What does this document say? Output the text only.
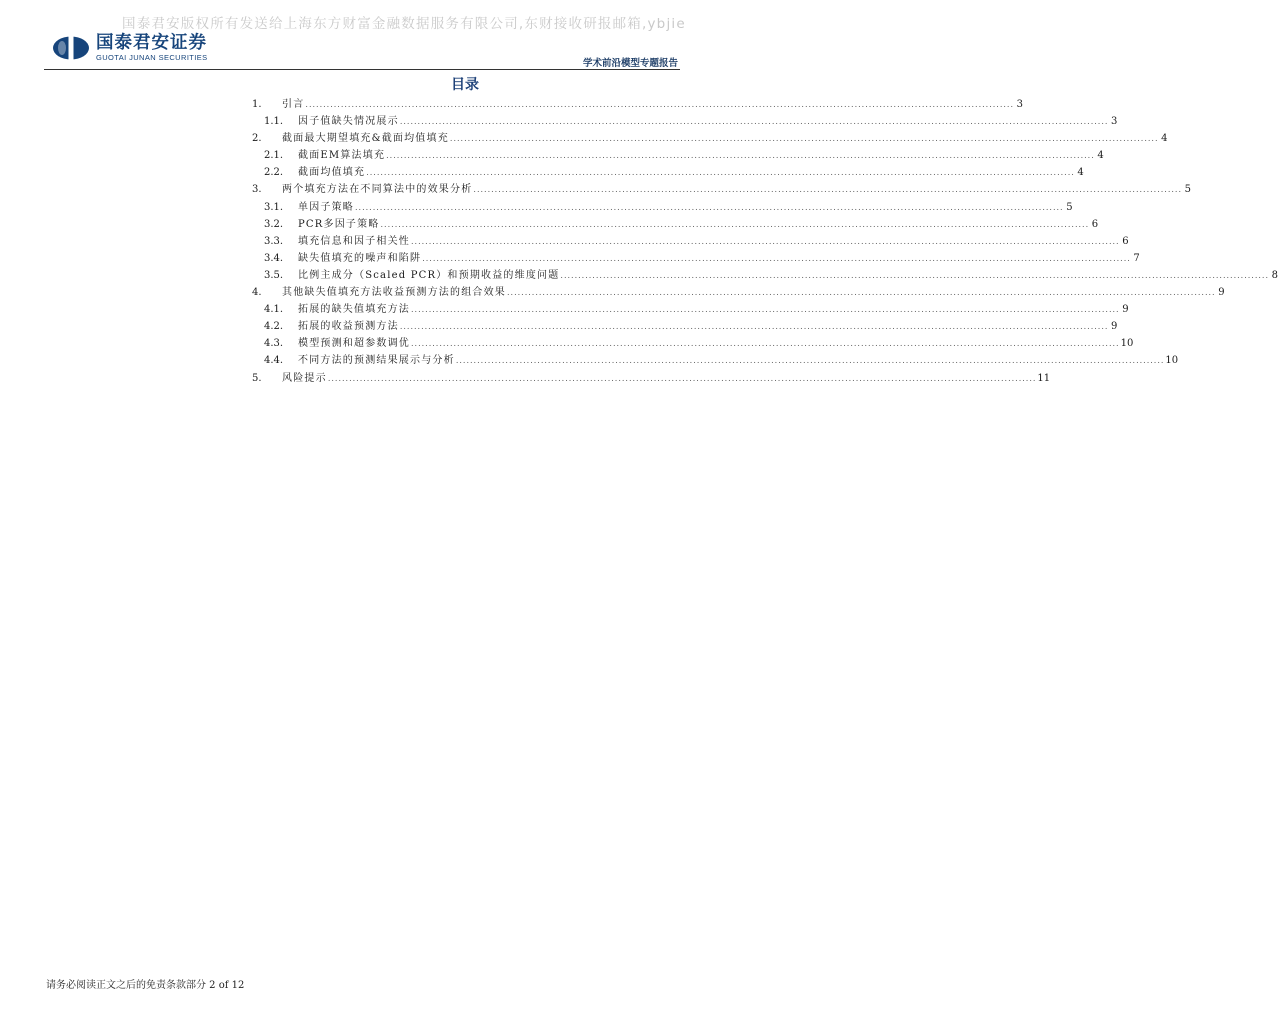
国泰君安版权所有发送给上海东方财富金融数据服务有限公司,东财接收研报邮箱,ybjie
国泰君安证券
GUOTAI JUNAN SECURITIES
学术前沿模型专题报告
目录
1.	引言 ........................................................................................................................................................................................................ 3
1.1.	因子值缺失情况展示 ........................................................................................................................................................................................................ 3
2.	截面最大期望填充&截面均值填充 ........................................................................................................................................................................................................ 4
2.1.	截面EM算法填充 ........................................................................................................................................................................................................ 4
2.2.	截面均值填充 ........................................................................................................................................................................................................ 4
3.	两个填充方法在不同算法中的效果分析 ........................................................................................................................................................................................................ 5
3.1.	单因子策略 ........................................................................................................................................................................................................ 5
3.2.	PCR多因子策略 ........................................................................................................................................................................................................ 6
3.3.	填充信息和因子相关性 ........................................................................................................................................................................................................ 6
3.4.	缺失值填充的噪声和陷阱 ........................................................................................................................................................................................................ 7
3.5.	比例主成分（Scaled PCR）和预期收益的维度问题 ........................................................................................................................................................................................................ 8
4.	其他缺失值填充方法收益预测方法的组合效果 ........................................................................................................................................................................................................ 9
4.1.	拓展的缺失值填充方法 ........................................................................................................................................................................................................ 9
4.2.	拓展的收益预测方法 ........................................................................................................................................................................................................ 9
4.3.	模型预测和超参数调优 ........................................................................................................................................................................................................ 10
4.4.	不同方法的预测结果展示与分析 ........................................................................................................................................................................................................ 10
5.	风险提示 ........................................................................................................................................................................................................ 11
请务必阅读正文之后的免责条款部分 2 of 12
